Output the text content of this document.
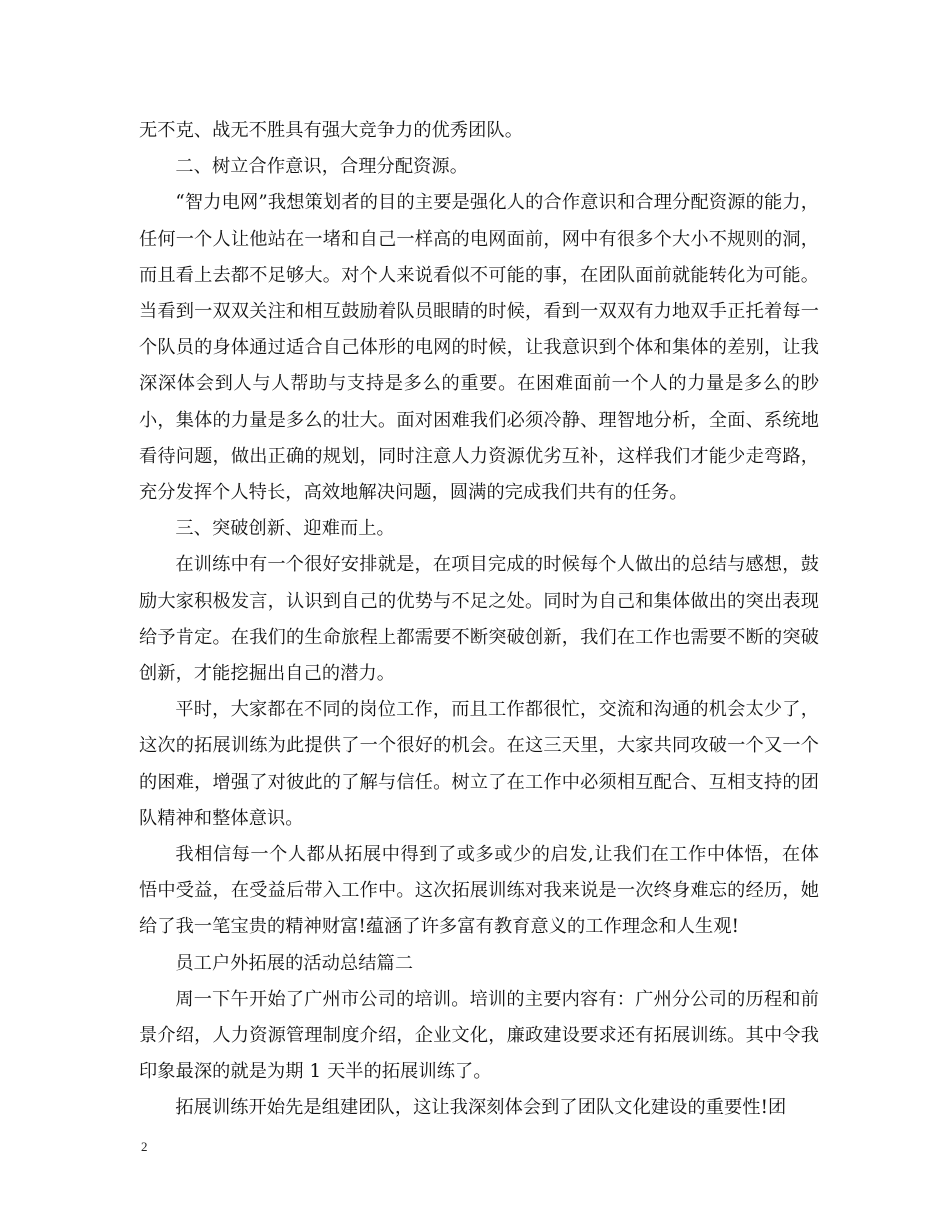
无不克、战无不胜具有强大竞争力的优秀团队。

二、树立合作意识，合理分配资源。

“智力电网”我想策划者的目的主要是强化人的合作意识和合理分配资源的能力，任何一个人让他站在一堵和自己一样高的电网面前，网中有很多个大小不规则的洞，而且看上去都不足够大。对个人来说看似不可能的事，在团队面前就能转化为可能。当看到一双双关注和相互鼓励着队员眼睛的时候，看到一双双有力地双手正托着每一个队员的身体通过适合自己体形的电网的时候，让我意识到个体和集体的差别，让我深深体会到人与人帮助与支持是多么的重要。在困难面前一个人的力量是多么的眇小，集体的力量是多么的壮大。面对困难我们必须冷静、理智地分析，全面、系统地看待问题，做出正确的规划，同时注意人力资源优劣互补，这样我们才能少走弯路，充分发挥个人特长，高效地解决问题，圆满的完成我们共有的任务。

三、突破创新、迎难而上。

在训练中有一个很好安排就是，在项目完成的时候每个人做出的总结与感想，鼓励大家积极发言，认识到自己的优势与不足之处。同时为自己和集体做出的突出表现给予肯定。在我们的生命旅程上都需要不断突破创新，我们在工作也需要不断的突破创新，才能挖掘出自己的潜力。

平时，大家都在不同的岗位工作，而且工作都很忙，交流和沟通的机会太少了，这次的拓展训练为此提供了一个很好的机会。在这三天里，大家共同攻破一个又一个的困难，增强了对彼此的了解与信任。树立了在工作中必须相互配合、互相支持的团队精神和整体意识。

我相信每一个人都从拓展中得到了或多或少的启发,让我们在工作中体悟，在体悟中受益，在受益后带入工作中。这次拓展训练对我来说是一次终身难忘的经历，她给了我一笔宝贵的精神财富!蕴涵了许多富有教育意义的工作理念和人生观!

员工户外拓展的活动总结篇二

周一下午开始了广州市公司的培训。培训的主要内容有：广州分公司的历程和前景介绍，人力资源管理制度介绍，企业文化，廉政建设要求还有拓展训练。其中令我印象最深的就是为期 1 天半的拓展训练了。

拓展训练开始先是组建团队，这让我深刻体会到了团队文化建设的重要性!团

2
